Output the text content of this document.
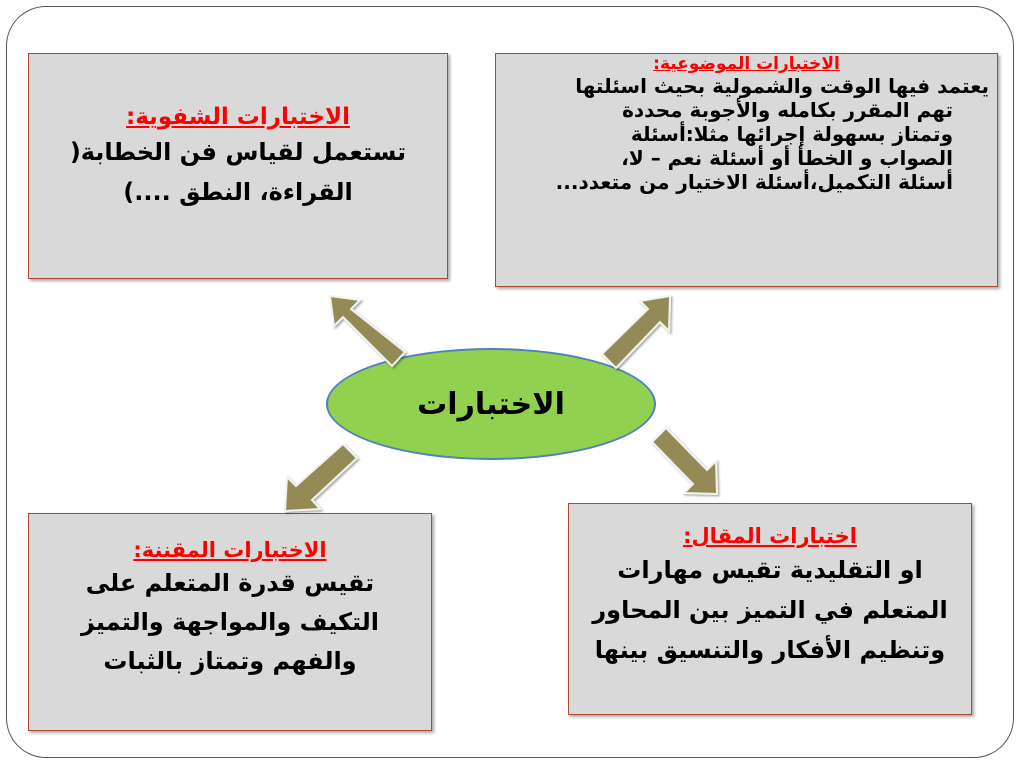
الاختبارات الشفوية:
تستعمل لقياس فن الخطابة(
القراءة، النطق ....)
الاختبارات الموضوعية:
يعتمد فيها الوقت والشمولية بحيث اسئلتها
تهم المقرر بكامله والأجوبة محددة
وتمتاز بسهولة إجرائها مثلا:أسئلة
الصواب و الخطأ أو أسئلة نعم – لا،
أسئلة التكميل،أسئلة الاختيار من متعدد...
الاختبارات
الاختبارات المقننة:
تقيس قدرة المتعلم على
التكيف والمواجهة والتميز
والفهم وتمتاز بالثبات
اختبارات المقال:
او التقليدية تقيس مهارات
المتعلم في التميز بين المحاور
وتنظيم الأفكار والتنسيق بينها
